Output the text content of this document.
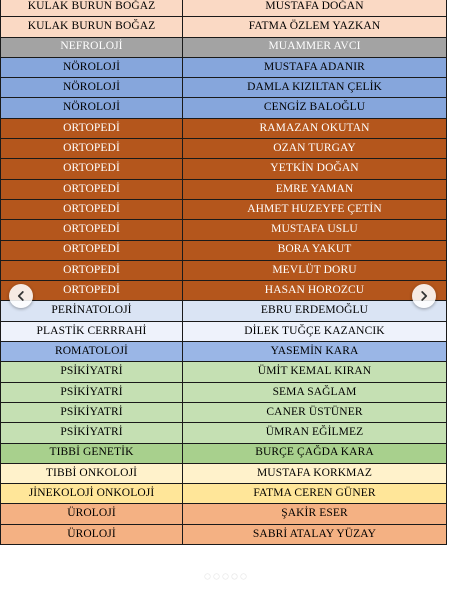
KULAK BURUN BOĞAZ	MUSTAFA DOĞAN
KULAK BURUN BOĞAZ	FATMA ÖZLEM YAZKAN
NEFROLOJİ	MUAMMER AVCI
NÖROLOJİ	MUSTAFA ADANIR
NÖROLOJİ	DAMLA KIZILTAN ÇELİK
NÖROLOJİ	CENGİZ BALOĞLU
ORTOPEDİ	RAMAZAN OKUTAN
ORTOPEDİ	OZAN TURGAY
ORTOPEDİ	YETKİN DOĞAN
ORTOPEDİ	EMRE YAMAN
ORTOPEDİ	AHMET HUZEYFE ÇETİN
ORTOPEDİ	MUSTAFA USLU
ORTOPEDİ	BORA YAKUT
ORTOPEDİ	MEVLÜT DORU
ORTOPEDİ	HASAN HOROZCU
PERİNATOLOJİ	EBRU ERDEMOĞLU
PLASTİK CERRRAHİ	DİLEK TUĞÇE KAZANCIK
ROMATOLOJİ	YASEMİN KARA
PSİKİYATRİ	ÜMİT KEMAL KIRAN
PSİKİYATRİ	SEMA SAĞLAM
PSİKİYATRİ	CANER ÜSTÜNER
PSİKİYATRİ	ÜMRAN EĞİLMEZ
TIBBİ GENETİK	BURÇE ÇAĞDA KARA
TIBBİ ONKOLOJİ	MUSTAFA KORKMAZ
JİNEKOLOJİ ONKOLOJİ	FATMA CEREN GÜNER
ÜROLOJİ	ŞAKİR ESER
ÜROLOJİ	SABRİ ATALAY YÜZAY
